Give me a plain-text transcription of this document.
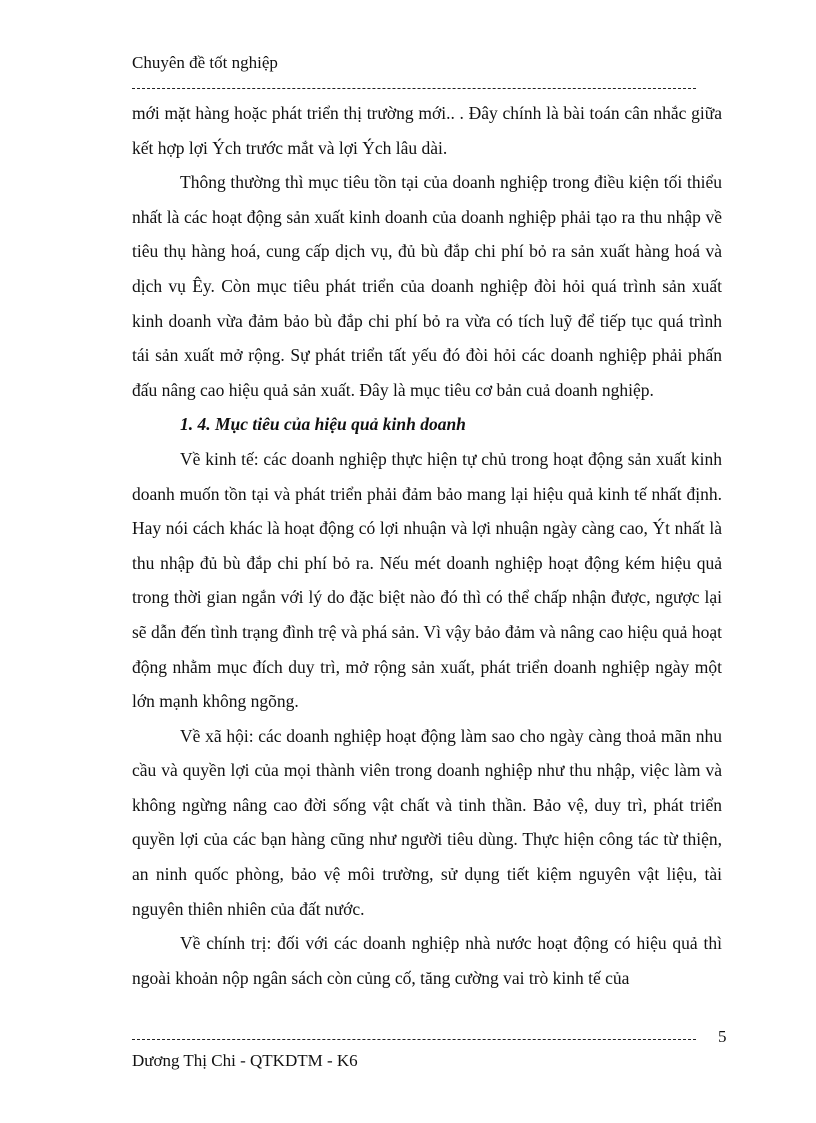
Chuyên đề tốt nghiệp

mới mặt hàng hoặc phát triển thị trường mới.. . Đây chính là bài toán cân nhắc giữa kết hợp lợi Ých trước mắt và lợi Ých lâu dài.

Thông thường thì mục tiêu tồn tại của doanh nghiệp trong điều kiện tối thiểu nhất là các hoạt động sản xuất kinh doanh của doanh nghiệp phải tạo ra thu nhập về tiêu thụ hàng hoá, cung cấp dịch vụ, đủ bù đắp chi phí bỏ ra sản xuất hàng hoá và dịch vụ Êy. Còn mục tiêu phát triển của doanh nghiệp đòi hỏi quá trình sản xuất kinh doanh vừa đảm bảo bù đắp chi phí bỏ ra vừa có tích luỹ để tiếp tục quá trình tái sản xuất mở rộng. Sự phát triển tất yếu đó đòi hỏi các doanh nghiệp phải phấn đấu nâng cao hiệu quả sản xuất. Đây là mục tiêu cơ bản cuả doanh nghiệp.

1. 4. Mục tiêu của hiệu quả kinh doanh

Về kinh tế: các doanh nghiệp thực hiện tự chủ trong hoạt động sản xuất kinh doanh muốn tồn tại và phát triển phải đảm bảo mang lại hiệu quả kinh tế nhất định. Hay nói cách khác là hoạt động có lợi nhuận và lợi nhuận ngày càng cao, Ýt nhất là thu nhập đủ bù đắp chi phí bỏ ra. Nếu mét doanh nghiệp hoạt động kém hiệu quả trong thời gian ngắn với lý do đặc biệt nào đó thì có thể chấp nhận được, ngược lại sẽ dẫn đến tình trạng đình trệ và phá sản. Vì vậy bảo đảm và nâng cao hiệu quả hoạt động nhằm mục đích duy trì, mở rộng sản xuất, phát triển doanh nghiệp ngày một lớn mạnh không ngõng.

Về xã hội: các doanh nghiệp hoạt động làm sao cho ngày càng thoả mãn nhu cầu và quyền lợi của mọi thành viên trong doanh nghiệp như thu nhập, việc làm và không ngừng nâng cao đời sống vật chất và tinh thần. Bảo vệ, duy trì, phát triển quyền lợi của các bạn hàng cũng như người tiêu dùng. Thực hiện công tác từ thiện, an ninh quốc phòng, bảo vệ môi trường, sử dụng tiết kiệm nguyên vật liệu, tài nguyên thiên nhiên của đất nước.

Về chính trị: đối với các doanh nghiệp nhà nước hoạt động có hiệu quả thì ngoài khoản nộp ngân sách còn củng cố, tăng cường vai trò kinh tế của

5
Dương Thị Chi - QTKDTM - K6
